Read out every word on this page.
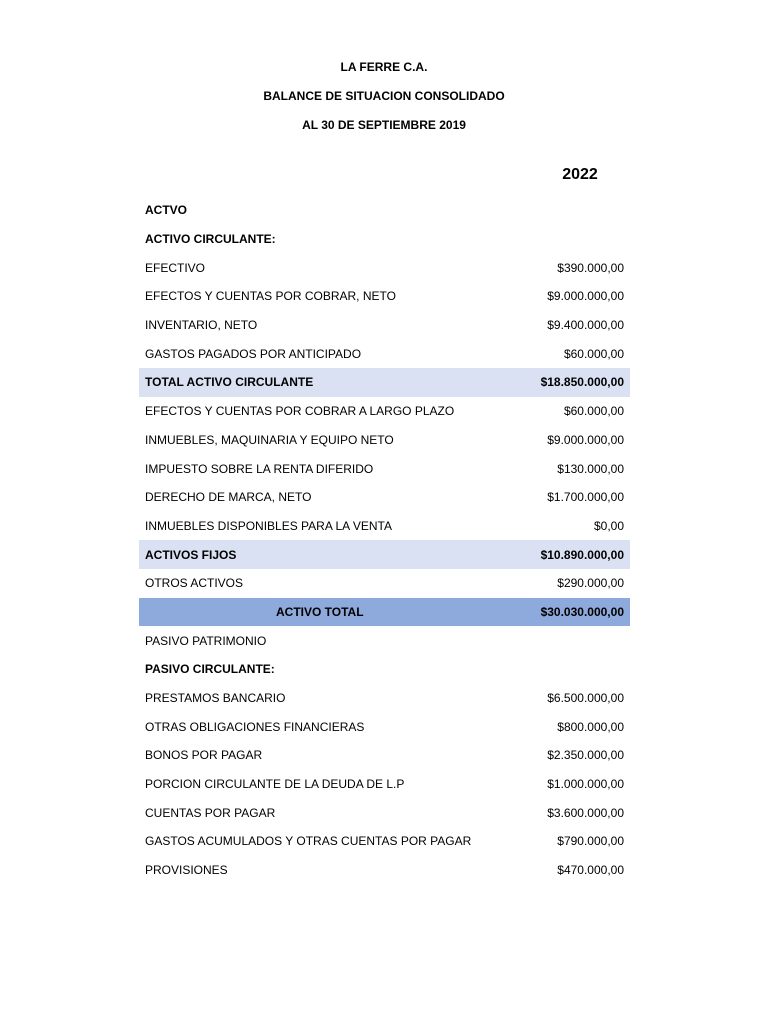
LA FERRE C.A.
BALANCE DE SITUACION CONSOLIDADO
AL 30 DE SEPTIEMBRE 2019
2022
ACTVO
ACTIVO CIRCULANTE:
EFECTIVO	$390.000,00
EFECTOS Y CUENTAS POR COBRAR, NETO	$9.000.000,00
INVENTARIO, NETO	$9.400.000,00
GASTOS PAGADOS POR ANTICIPADO	$60.000,00
TOTAL ACTIVO CIRCULANTE	$18.850.000,00
EFECTOS Y CUENTAS POR COBRAR A LARGO PLAZO	$60.000,00
INMUEBLES, MAQUINARIA Y EQUIPO NETO	$9.000.000,00
IMPUESTO SOBRE LA RENTA DIFERIDO	$130.000,00
DERECHO DE MARCA, NETO	$1.700.000,00
INMUEBLES DISPONIBLES PARA LA VENTA	$0,00
ACTIVOS FIJOS	$10.890.000,00
OTROS ACTIVOS	$290.000,00
ACTIVO TOTAL	$30.030.000,00
PASIVO PATRIMONIO
PASIVO CIRCULANTE:
PRESTAMOS BANCARIO	$6.500.000,00
OTRAS OBLIGACIONES FINANCIERAS	$800.000,00
BONOS POR PAGAR	$2.350.000,00
PORCION CIRCULANTE DE LA DEUDA DE L.P	$1.000.000,00
CUENTAS POR PAGAR	$3.600.000,00
GASTOS ACUMULADOS Y OTRAS CUENTAS POR PAGAR	$790.000,00
PROVISIONES	$470.000,00
